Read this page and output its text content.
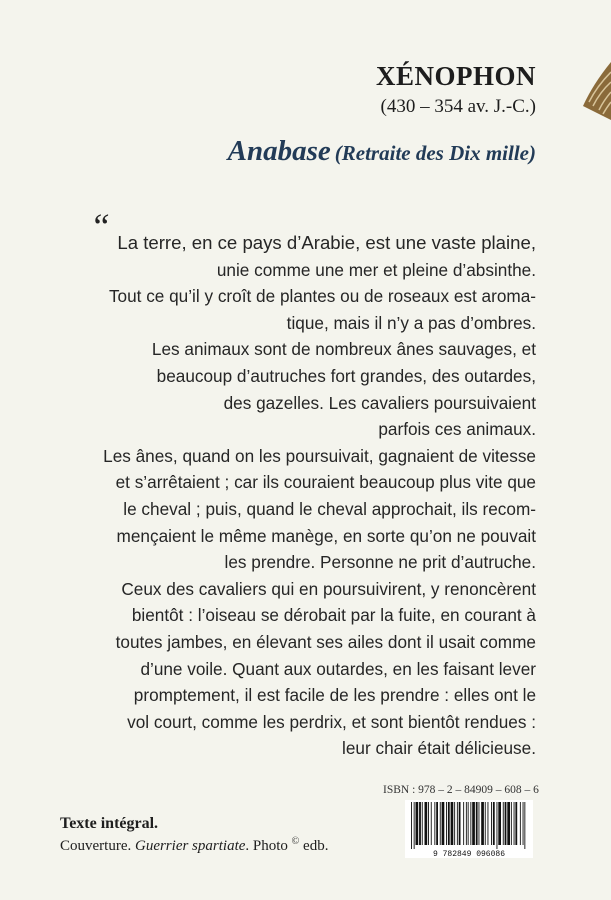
XÉNOPHON
(430 – 354 av. J.-C.)
Anabase (Retraite des Dix mille)
“ La terre, en ce pays d’Arabie, est une vaste plaine,
unie comme une mer et pleine d’absinthe.
Tout ce qu’il y croît de plantes ou de roseaux est aroma-
tique, mais il n’y a pas d’ombres.
Les animaux sont de nombreux ânes sauvages, et
beaucoup d’autruches fort grandes, des outardes,
des gazelles. Les cavaliers poursuivaient
parfois ces animaux.
Les ânes, quand on les poursuivait, gagnaient de vitesse
et s’arrêtaient ; car ils couraient beaucoup plus vite que
le cheval ; puis, quand le cheval approchait, ils recom-
mençaient le même manège, en sorte qu’on ne pouvait
les prendre. Personne ne prit d’autruche.
Ceux des cavaliers qui en poursuivirent, y renoncèrent
bientôt : l’oiseau se dérobait par la fuite, en courant à
toutes jambes, en élevant ses ailes dont il usait comme
d’une voile. Quant aux outardes, en les faisant lever
promptement, il est facile de les prendre : elles ont le
vol court, comme les perdrix, et sont bientôt rendues :
leur chair était délicieuse.
ISBN : 978 – 2 – 84909 – 608 – 6
9 782849 096086
Texte intégral.
Couverture. Guerrier spartiate. Photo © edb.
